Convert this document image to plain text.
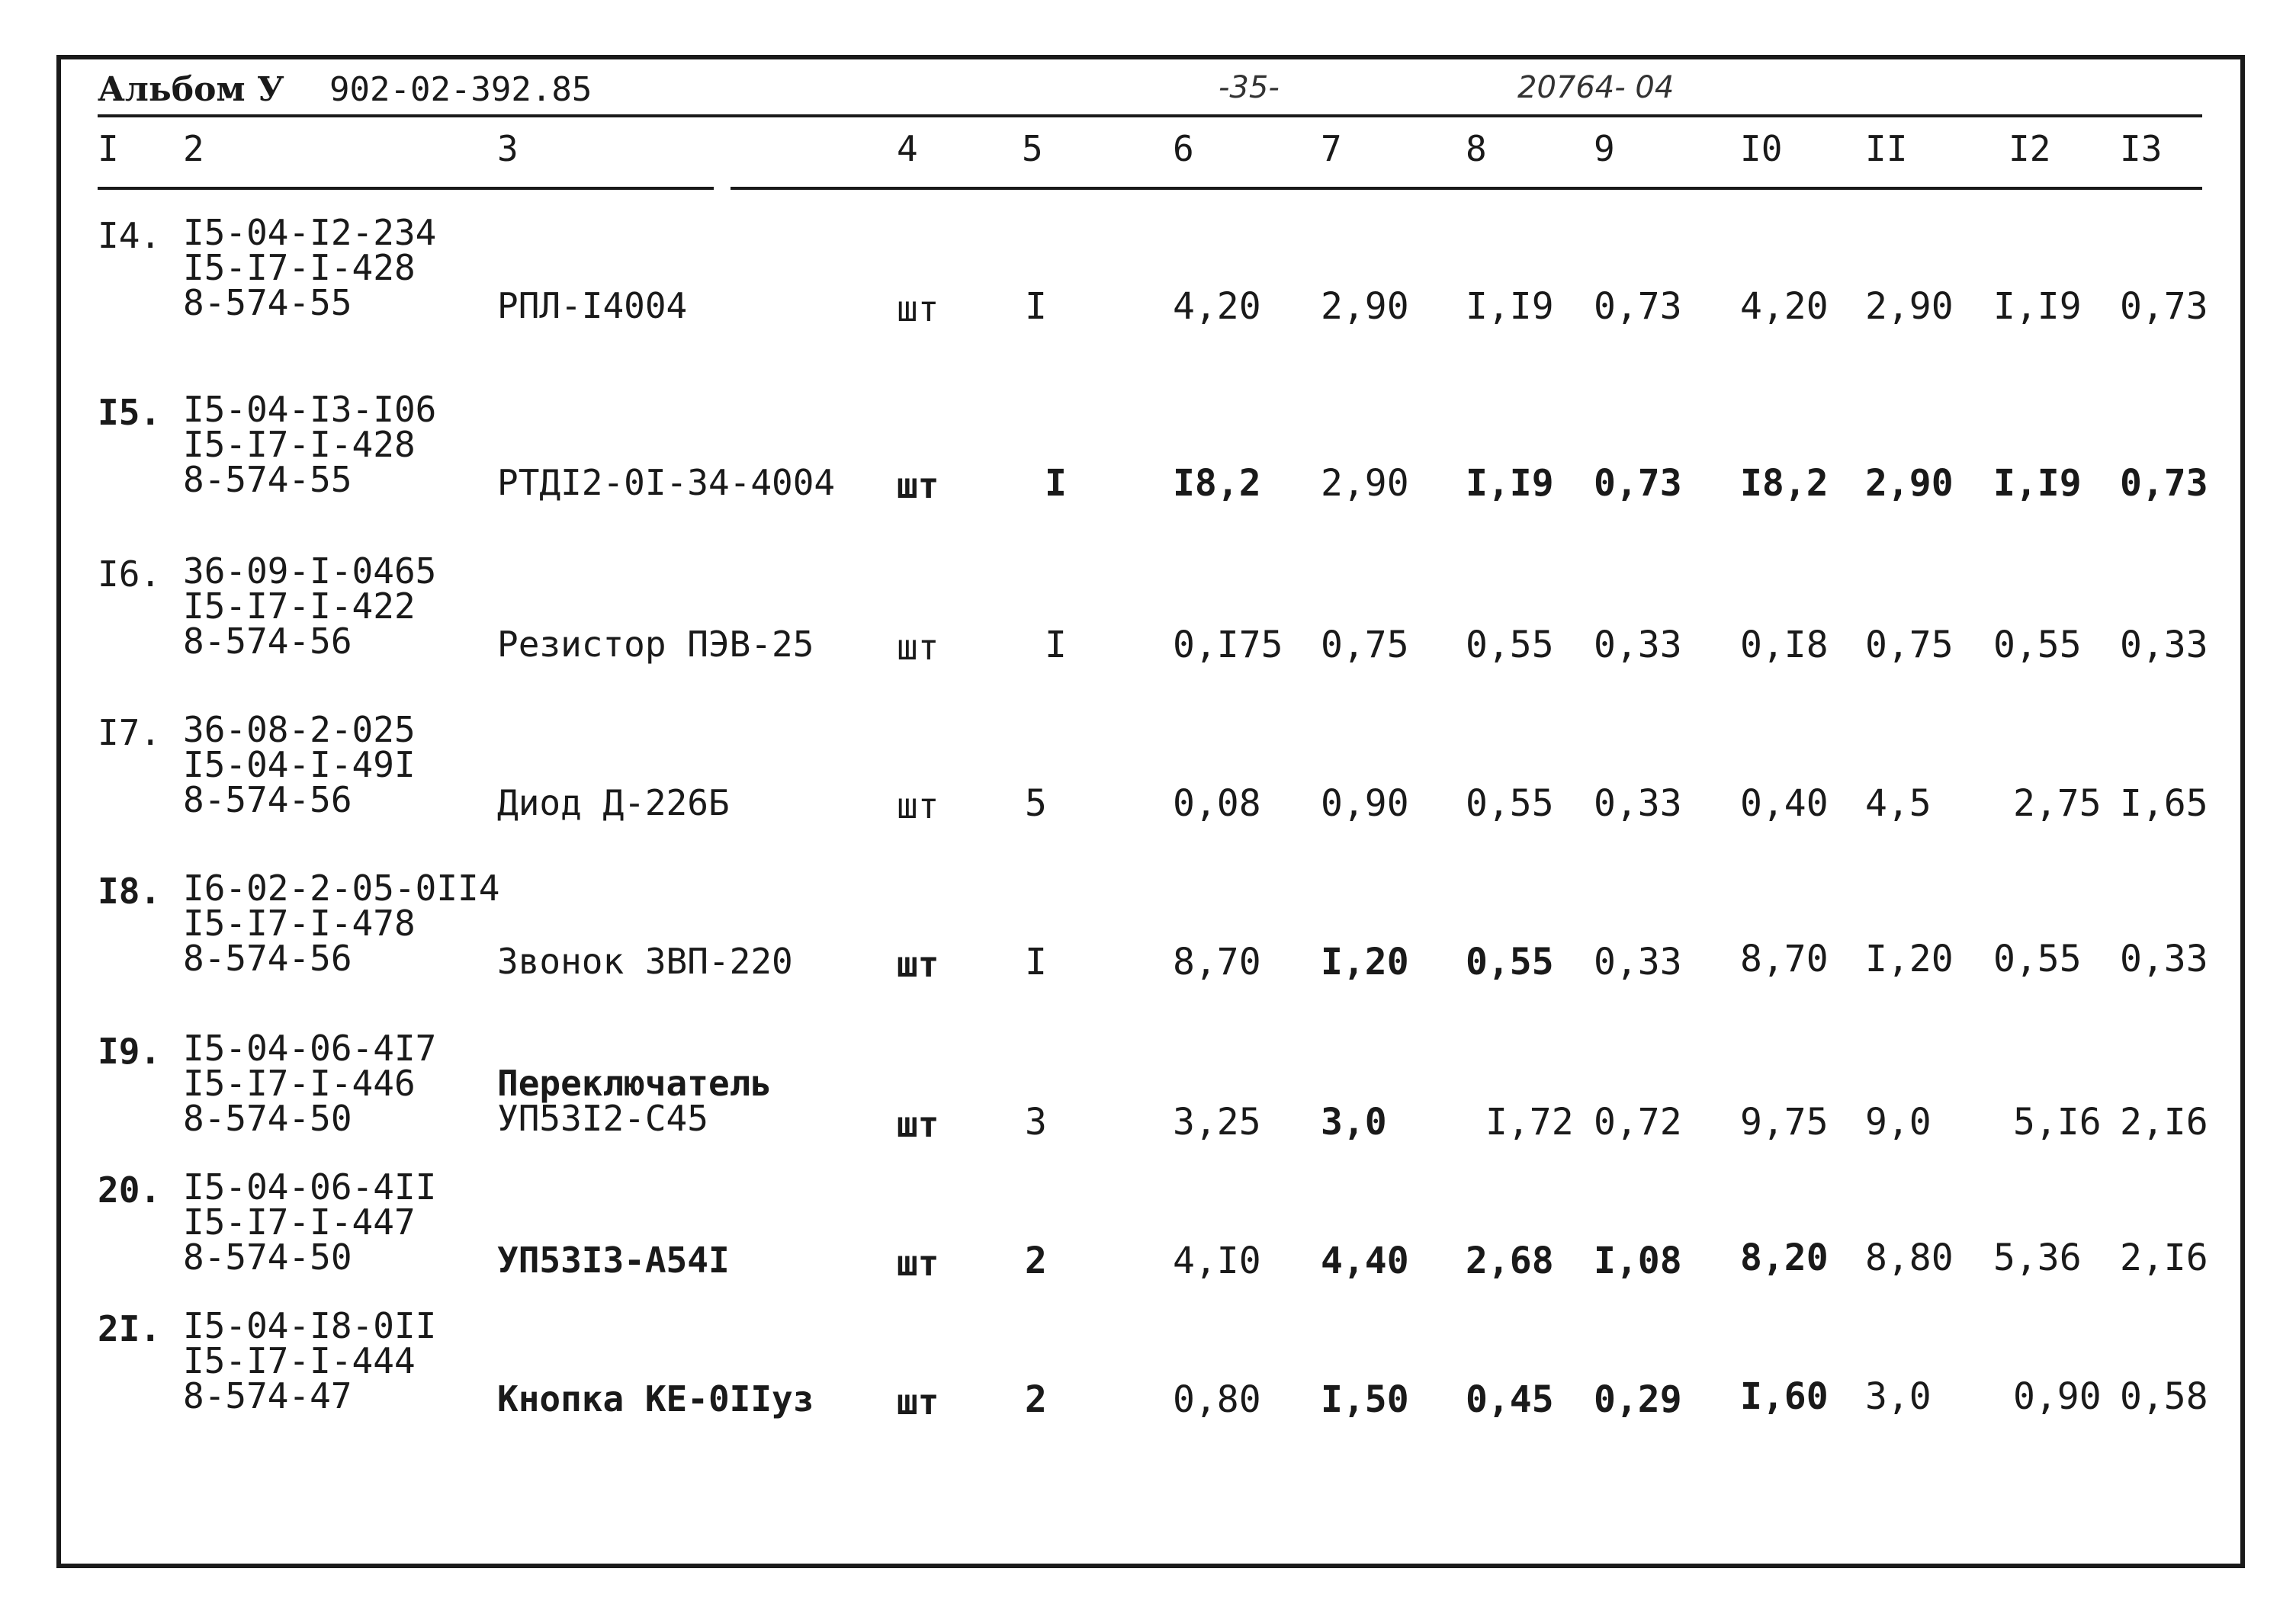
Альбом У 902-02-392.85	-35-	20764- 04
I 2	3	4	5	6	7	8	9	I0 II	I2 I3
I4. I5-04-I2-234
I5-I7-I-428
8-574-55	РПЛ-I4004	шт I	4,20 2,90 I,I9 0,73 4,20 2,90 I,I9 0,73
I5. I5-04-I3-I06
I5-I7-I-428
8-574-55	РТДI2-0I-34-4004 шт	I	I8,2 2,90 I,I9 0,73 I8,2 2,90 I,I9 0,73
I6. 36-09-I-0465
I5-I7-I-422
8-574-56	Резистор ПЭВ-25 шт	I	0,I75 0,75 0,55 0,33 0,I8 0,75 0,55 0,33
I7. 36-08-2-025
I5-04-I-49I
8-574-56	Диод Д-226Б	шт 5	0,08 0,90 0,55 0,33 0,40 4,5 2,75 I,65
I8. I6-02-2-05-0II4
I5-I7-I-478
8-574-56	Звонок ЗВП-220	шт I	8,70 I,20 0,55 0,33 8,70 I,20 0,55 0,33
I9. I5-04-06-4I7
I5-I7-I-446
8-574-50
Переключатель
УП53I2-С45	шт 3	3,25 3,0	I,72 0,72 9,75 9,0 5,I6 2,I6
20. I5-04-06-4II
I5-I7-I-447
8-574-50	УП53I3-А54I	шт 2	4,I0 4,40 2,68 I,08 8,20 8,80 5,36 2,I6
2I. I5-04-I8-0II
I5-I7-I-444
8-574-47	Кнопка КЕ-0IIуз шт 2	0,80 I,50 0,45 0,29 I,60 3,0 0,90 0,58
